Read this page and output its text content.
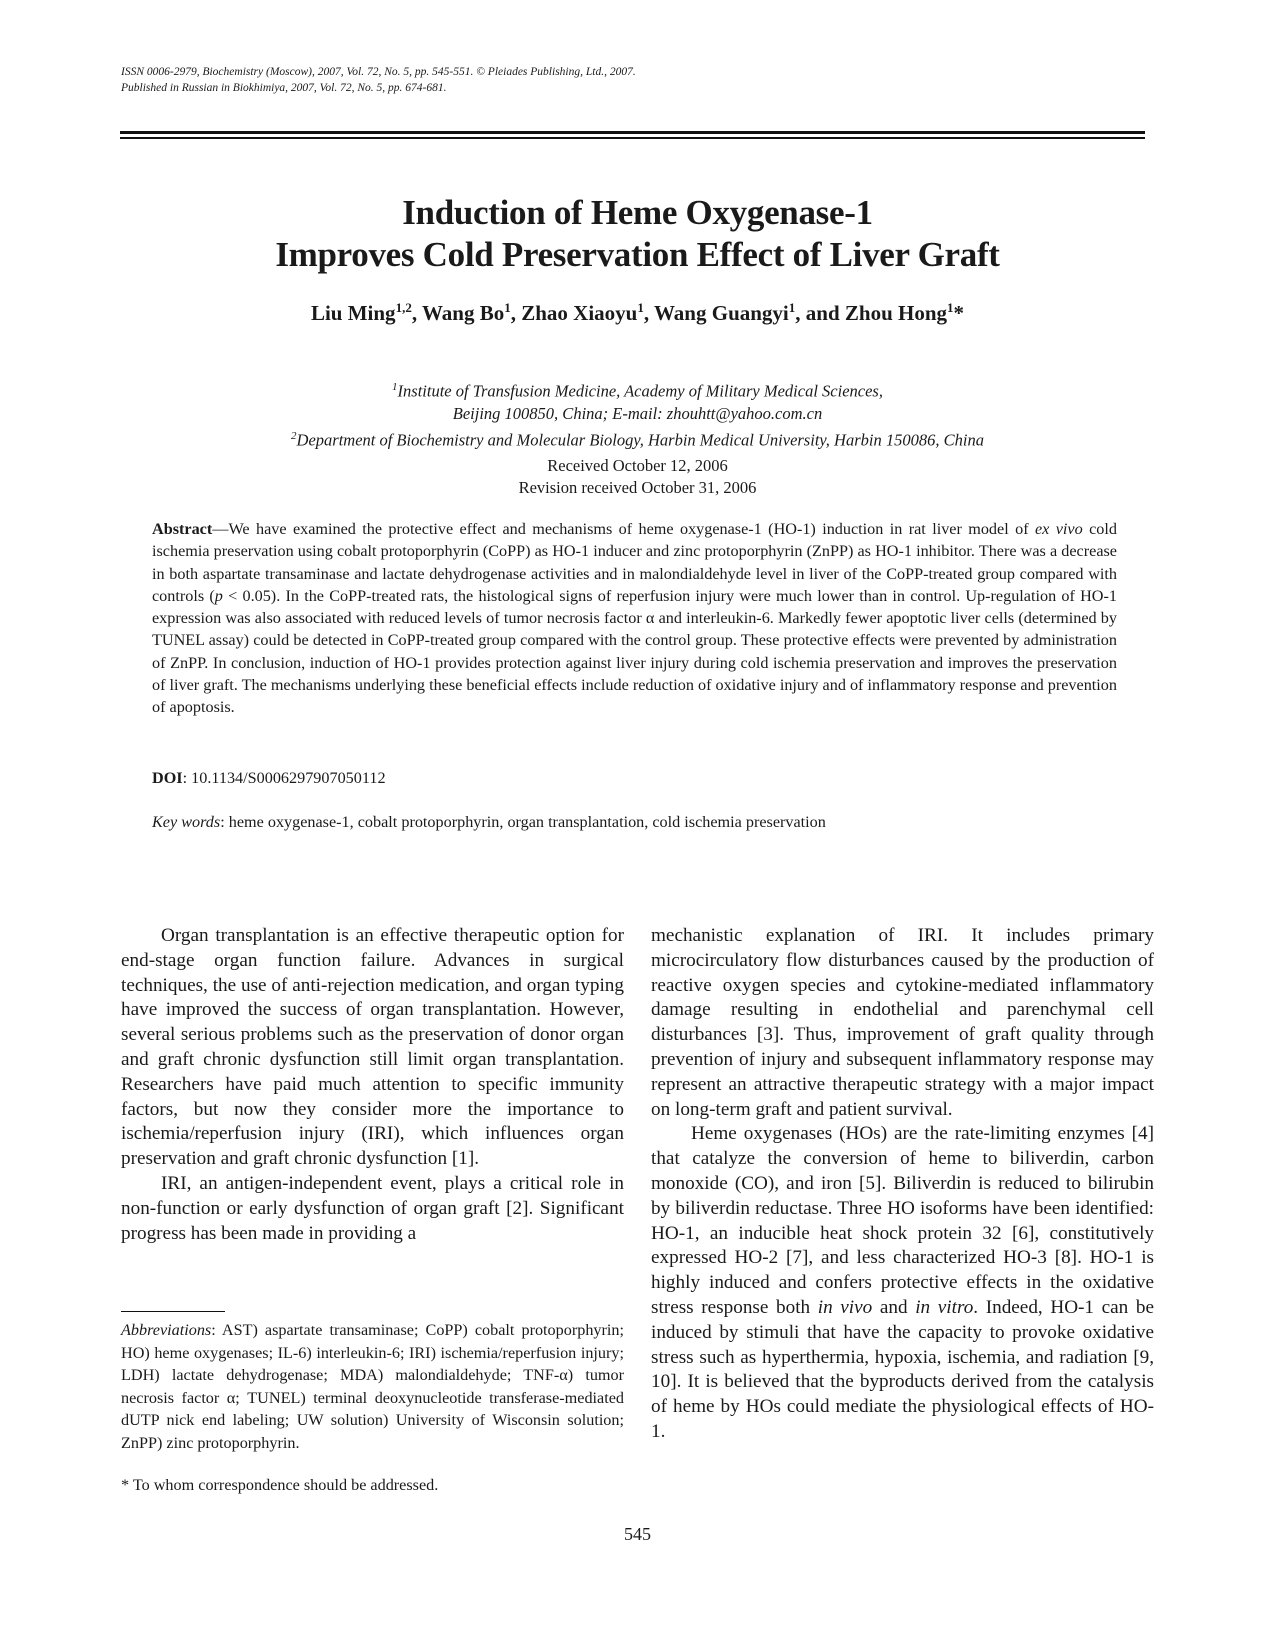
ISSN 0006-2979, Biochemistry (Moscow), 2007, Vol. 72, No. 5, pp. 545-551. © Pleiades Publishing, Ltd., 2007.
Published in Russian in Biokhimiya, 2007, Vol. 72, No. 5, pp. 674-681.
Induction of Heme Oxygenase-1
Improves Cold Preservation Effect of Liver Graft
Liu Ming$^{1,2}$, Wang Bo$^1$, Zhao Xiaoyu$^1$, Wang Guangyi$^1$, and Zhou Hong$^1$*
$^1$Institute of Transfusion Medicine, Academy of Military Medical Sciences,
Beijing 100850, China; E-mail: zhouhtt@yahoo.com.cn
$^2$Department of Biochemistry and Molecular Biology, Harbin Medical University, Harbin 150086, China
Received October 12, 2006
Revision received October 31, 2006
Abstract—We have examined the protective effect and mechanisms of heme oxygenase-1 (HO-1) induction in rat liver model of ex vivo cold ischemia preservation using cobalt protoporphyrin (CoPP) as HO-1 inducer and zinc protoporphyrin (ZnPP) as HO-1 inhibitor. There was a decrease in both aspartate transaminase and lactate dehydrogenase activities and in malondialdehyde level in liver of the CoPP-treated group compared with controls (p < 0.05). In the CoPP-treated rats, the histological signs of reperfusion injury were much lower than in control. Up-regulation of HO-1 expression was also associated with reduced levels of tumor necrosis factor α and interleukin-6. Markedly fewer apoptotic liver cells (determined by TUNEL assay) could be detected in CoPP-treated group compared with the control group. These protective effects were prevented by administration of ZnPP. In conclusion, induction of HO-1 provides protection against liver injury during cold ischemia preservation and improves the preservation of liver graft. The mechanisms underlying these beneficial effects include reduction of oxidative injury and of inflammatory response and prevention of apoptosis.
DOI: 10.1134/S0006297907050112
Key words: heme oxygenase-1, cobalt protoporphyrin, organ transplantation, cold ischemia preservation

Organ transplantation is an effective therapeutic option for end-stage organ function failure. Advances in surgical techniques, the use of anti-rejection medication, and organ typing have improved the success of organ transplantation. However, several serious problems such as the preservation of donor organ and graft chronic dysfunction still limit organ transplantation. Researchers have paid much attention to specific immunity factors, but now they consider more the importance to ischemia/reperfusion injury (IRI), which influences organ preservation and graft chronic dysfunction [1].

IRI, an antigen-independent event, plays a critical role in non-function or early dysfunction of organ graft [2]. Significant progress has been made in providing a

mechanistic explanation of IRI. It includes primary microcirculatory flow disturbances caused by the production of reactive oxygen species and cytokine-mediated inflammatory damage resulting in endothelial and parenchymal cell disturbances [3]. Thus, improvement of graft quality through prevention of injury and subsequent inflammatory response may represent an attractive therapeutic strategy with a major impact on long-term graft and patient survival.

Heme oxygenases (HOs) are the rate-limiting enzymes [4] that catalyze the conversion of heme to biliverdin, carbon monoxide (CO), and iron [5]. Biliverdin is reduced to bilirubin by biliverdin reductase. Three HO isoforms have been identified: HO-1, an inducible heat shock protein 32 [6], constitutively expressed HO-2 [7], and less characterized HO-3 [8]. HO-1 is highly induced and confers protective effects in the oxidative stress response both in vivo and in vitro. Indeed, HO-1 can be induced by stimuli that have the capacity to provoke oxidative stress such as hyperthermia, hypoxia, ischemia, and radiation [9, 10]. It is believed that the byproducts derived from the catalysis of heme by HOs could mediate the physiological effects of HO-1.

Abbreviations: AST) aspartate transaminase; CoPP) cobalt protoporphyrin; HO) heme oxygenases; IL-6) interleukin-6; IRI) ischemia/reperfusion injury; LDH) lactate dehydrogenase; MDA) malondialdehyde; TNF-α) tumor necrosis factor α; TUNEL) terminal deoxynucleotide transferase-mediated dUTP nick end labeling; UW solution) University of Wisconsin solution; ZnPP) zinc protoporphyrin.
* To whom correspondence should be addressed.
545
